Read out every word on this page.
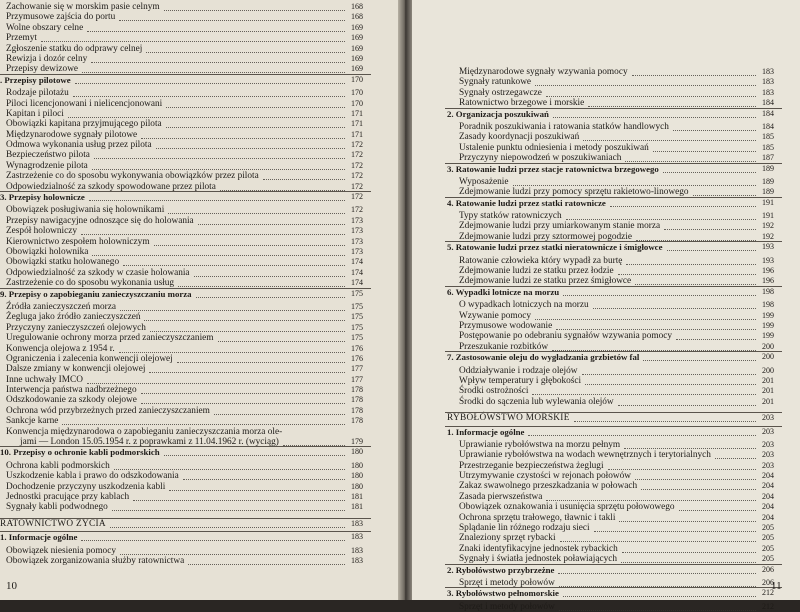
Zachowanie się w morskim pasie celnym	168
Przymusowe zajścia do portu	168
Wolne obszary celne	169
Przemyt	169
Zgłoszenie statku do odprawy celnej	169
Rewizja i dozór celny	169
Przepisy dewizowe	169
. Przepisy pilotowe	170
Rodzaje pilotażu	170
Piloci licencjonowani i nielicencjonowani	170
Kapitan i piloci	171
Obowiązki kapitana przyjmującego pilota	171
Międzynarodowe sygnały pilotowe	171
Odmowa wykonania usług przez pilota	172
Bezpieczeństwo pilota	172
Wynagrodzenie pilota	172
Zastrzeżenie co do sposobu wykonywania obowiązków przez pilota	172
Odpowiedzialność za szkody spowodowane przez pilota	172
3. Przepisy holownicze	172
Obowiązek posługiwania się holownikami	172
Przepisy nawigacyjne odnoszące się do holowania	173
Zespół holowniczy	173
Kierownictwo zespołem holowniczym	173
Obowiązki holownika	173
Obowiązki statku holowanego	174
Odpowiedzialność za szkody w czasie holowania	174
Zastrzeżenie co do sposobu wykonania usług	174
9. Przepisy o zapobieganiu zanieczyszczaniu morza	175
Źródła zanieczyszczeń morza	175
Żegluga jako źródło zanieczyszczeń	175
Przyczyny zanieczyszczeń olejowych	175
Uregulowanie ochrony morza przed zanieczyszczaniem	175
Konwencja olejowa z 1954 r.	176
Ograniczenia i zalecenia konwencji olejowej	176
Dalsze zmiany w konwencji olejowej	177
Inne uchwały IMCO	177
Interwencja państwa nadbrzeżnego	178
Odszkodowanie za szkody olejowe	178
Ochrona wód przybrzeżnych przed zanieczyszczaniem	178
Sankcje karne	178
Konwencja międzynarodowa o zapobieganiu zanieczyszczania morza ole-
jami — London 15.05.1954 r. z poprawkami z 11.04.1962 r. (wyciąg)	179
10. Przepisy o ochronie kabli podmorskich	180
Ochrona kabli podmorskich	180
Uszkodzenie kabla i prawo do odszkodowania	180
Dochodzenie przyczyny uszkodzenia kabli	180
Jednostki pracujące przy kablach	181
Sygnały kabli podwodnego	181
RATOWNICTWO ŻYCIA	183
1. Informacje ogólne	183
Obowiązek niesienia pomocy	183
Obowiązek zorganizowania służby ratownictwa	183
10
Międzynarodowe sygnały wzywania pomocy	183
Sygnały ratunkowe	183
Sygnały ostrzegawcze	183
Ratownictwo brzegowe i morskie	184
2. Organizacja poszukiwań	184
Poradnik poszukiwania i ratowania statków handlowych	184
Zasady koordynacji poszukiwań	185
Ustalenie punktu odniesienia i metody poszukiwań	185
Przyczyny niepowodzeń w poszukiwaniach	187
3. Ratowanie ludzi przez stacje ratownictwa brzegowego	189
Wyposażenie	189
Zdejmowanie ludzi przy pomocy sprzętu rakietowo-linowego	189
4. Ratowanie ludzi przez statki ratownicze	191
Typy statków ratowniczych	191
Zdejmowanie ludzi przy umiarkowanym stanie morza	192
Zdejmowanie ludzi przy sztormowej pogodzie	192
5. Ratowanie ludzi przez statki nieratownicze i śmigłowce	193
Ratowanie człowieka który wypadł za burtę	193
Zdejmowanie ludzi ze statku przez łodzie	196
Zdejmowanie ludzi ze statku przez śmigłowce	196
6. Wypadki lotnicze na morzu	198
O wypadkach lotniczych na morzu	198
Wzywanie pomocy	199
Przymusowe wodowanie	199
Postępowanie po odebraniu sygnałów wzywania pomocy	199
Przeszukanie rozbitków	200
7. Zastosowanie oleju do wygładzania grzbietów fal	200
Oddziaływanie i rodzaje olejów	200
Wpływ temperatury i głębokości	201
Środki ostrożności	201
Środki do sączenia lub wylewania olejów	201
RYBOŁÓWSTWO MORSKIE	203
1. Informacje ogólne	203
Uprawianie rybołówstwa na morzu pełnym	203
Uprawianie rybołówstwa na wodach wewnętrznych i terytorialnych	203
Przestrzeganie bezpieczeństwa żeglugi	203
Utrzymywanie czystości w rejonach połowów	204
Zakaz swawolnego przeszkadzania w połowach	204
Zasada pierwszeństwa	204
Obowiązek oznakowania i usunięcia sprzętu połowowego	204
Ochrona sprzętu trałowego, tławnic i takli	204
Splądanie lin różnego rodzaju sieci	205
Znaleziony sprzęt rybacki	205
Znaki identyfikacyjne jednostek rybackich	205
Sygnały i światła jednostek poławiających	205
2. Rybołówstwo przybrzeżne	206
Sprzęt i metody połowów	206
3. Rybołówstwo pełnomorskie	212
Sprzęt i metody połowów	212
11
